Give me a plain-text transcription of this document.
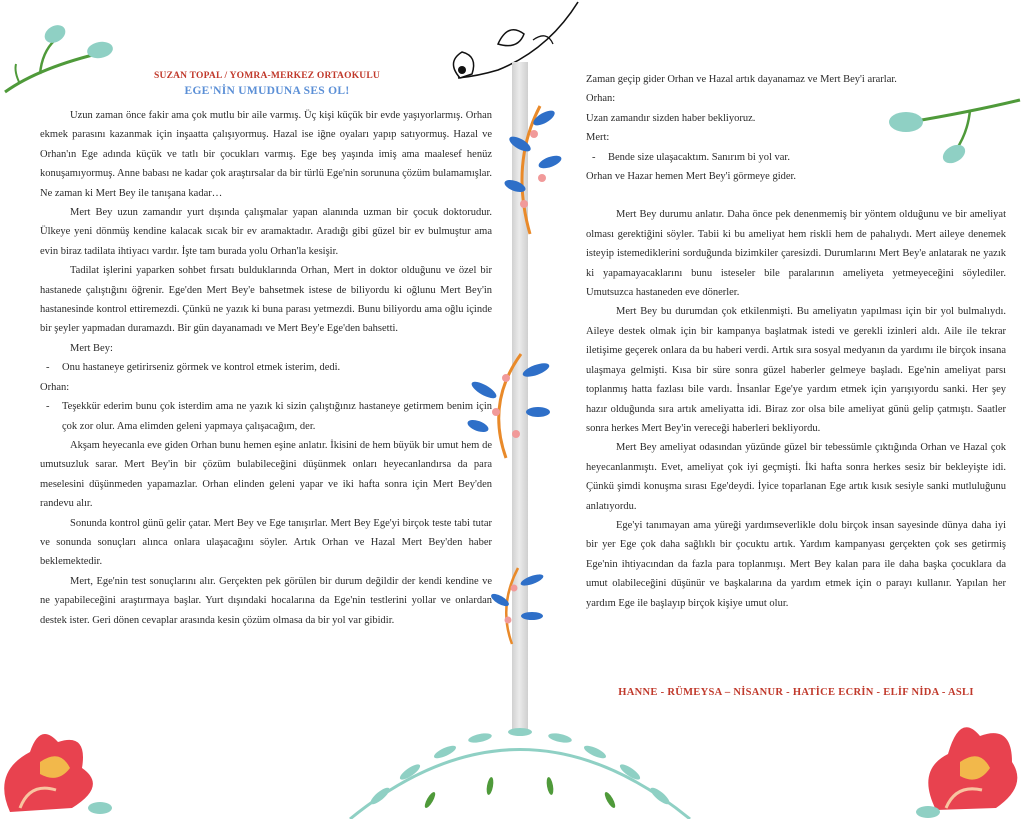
SUZAN TOPAL / YOMRA-MERKEZ ORTAOKULU
EGE'NİN UMUDUNA SES OL!

Uzun zaman önce fakir ama çok mutlu bir aile varmış. Üç kişi küçük bir evde yaşıyorlarmış. Orhan ekmek parasını kazanmak için inşaatta çalışıyormuş. Hazal ise iğne oyaları yapıp satıyormuş. Hazal ve Orhan'ın Ege adında küçük ve tatlı bir çocukları varmış. Ege beş yaşında imiş ama maalesef henüz konuşamıyormuş. Anne babası ne kadar çok araştırsalar da bir türlü Ege'nin sorununa çözüm bulamamışlar. Ne zaman ki Mert Bey ile tanışana kadar…

Mert Bey uzun zamandır yurt dışında çalışmalar yapan alanında uzman bir çocuk doktorudur. Ülkeye yeni dönmüş kendine kalacak sıcak bir ev aramaktadır. Aradığı gibi güzel bir ev bulmuştur ama evin biraz tadilata ihtiyacı vardır. İşte tam burada yolu Orhan'la kesişir.

Tadilat işlerini yaparken sohbet fırsatı bulduklarında Orhan, Mert in doktor olduğunu ve özel bir hastanede çalıştığını öğrenir. Ege'den Mert Bey'e bahsetmek istese de biliyordu ki oğlunu Mert Bey'in hastanesinde kontrol ettiremezdi. Çünkü ne yazık ki buna parası yetmezdi. Bunu biliyordu ama oğlu içinde bir şeyler yapmadan duramazdı. Bir gün dayanamadı ve Mert Bey'e Ege'den bahsetti.

Mert Bey:

- Onu hastaneye getirirseniz görmek ve kontrol etmek isterim, dedi.

Orhan:

- Teşekkür ederim bunu çok isterdim ama ne yazık ki sizin çalıştığınız hastaneye getirmem benim için çok zor olur. Ama elimden geleni yapmaya çalışacağım, der.

Akşam heyecanla eve giden Orhan bunu hemen eşine anlatır. İkisini de hem büyük bir umut hem de umutsuzluk sarar. Mert Bey'in bir çözüm bulabileceğini düşünmek onları heyecanlandırsa da para meselesini düşünmeden yapamazlar. Orhan elinden geleni yapar ve iki hafta sonra için Mert Bey'den randevu alır.

Sonunda kontrol günü gelir çatar. Mert Bey ve Ege tanışırlar. Mert Bey Ege'yi birçok teste tabi tutar ve sonunda sonuçları alınca onlara ulaşacağını söyler. Artık Orhan ve Hazal Mert Bey'den haber beklemektedir.

Mert, Ege'nin test sonuçlarını alır. Gerçekten pek görülen bir durum değildir der kendi kendine ve ne yapabileceğini araştırmaya başlar. Yurt dışındaki hocalarına da Ege'nin testlerini yollar ve onlardan destek ister. Geri dönen cevaplar arasında kesin çözüm olmasa da bir yol var gibidir.

Zaman geçip gider Orhan ve Hazal artık dayanamaz ve Mert Bey'i ararlar.

Orhan:

Uzan zamandır sizden haber bekliyoruz.

Mert:

- Bende size ulaşacaktım. Sanırım bi yol var.

Orhan ve Hazar hemen Mert Bey'i görmeye gider.

Mert Bey durumu anlatır. Daha önce pek denenmemiş bir yöntem olduğunu ve bir ameliyat olması gerektiğini söyler. Tabii ki bu ameliyat hem riskli hem de pahalıydı. Mert aileye denemek isteyip istemediklerini sorduğunda bizimkiler çaresizdi. Durumlarını Mert Bey'e anlatarak ne yazık ki yapamayacaklarını bunu isteseler bile paralarının ameliyeta yetmeyeceğini söylediler. Umutsuzca hastaneden eve dönerler.

Mert Bey bu durumdan çok etkilenmişti. Bu ameliyatın yapılması için bir yol bulmalıydı. Aileye destek olmak için bir kampanya başlatmak istedi ve gerekli izinleri aldı. Aile ile tekrar iletişime geçerek onlara da bu haberi verdi. Artık sıra sosyal medyanın da yardımı ile birçok insana ulaşmaya gelmişti. Kısa bir süre sonra güzel haberler gelmeye başladı. Ege'nin ameliyat parsı toplanmış hatta fazlası bile vardı. İnsanlar Ege'ye yardım etmek için yarışıyordu sanki. Her şey hazır olduğunda sıra artık ameliyatta idi. Biraz zor olsa bile ameliyat günü gelip çatmıştı. Saatler sonra herkes Mert Bey'in vereceği haberleri bekliyordu.

Mert Bey ameliyat odasından yüzünde güzel bir tebessümle çıktığında Orhan ve Hazal çok heyecanlanmıştı. Evet, ameliyat çok iyi geçmişti. İki hafta sonra herkes sesiz bir bekleyişte idi. Çünkü şimdi konuşma sırası Ege'deydi. İyice toparlanan Ege artık kısık sesiyle sanki mutluluğunu anlatıyordu.

Ege'yi tanımayan ama yüreği yardımseverlikle dolu birçok insan sayesinde dünya daha iyi bir yer Ege çok daha sağlıklı bir çocuktu artık. Yardım kampanyası gerçekten çok ses getirmiş Ege'nin ihtiyacından da fazla para toplanmışı. Mert Bey kalan para ile daha başka çocuklara da umut olabileceğini düşünür ve başkalarına da yardım etmek için o parayı kullanır. Yapılan her yardım Ege ile başlayıp birçok kişiye umut olur.

HANNE - RÜMEYSA – NİSANUR - HATİCE ECRİN - ELİF NİDA - ASLI
